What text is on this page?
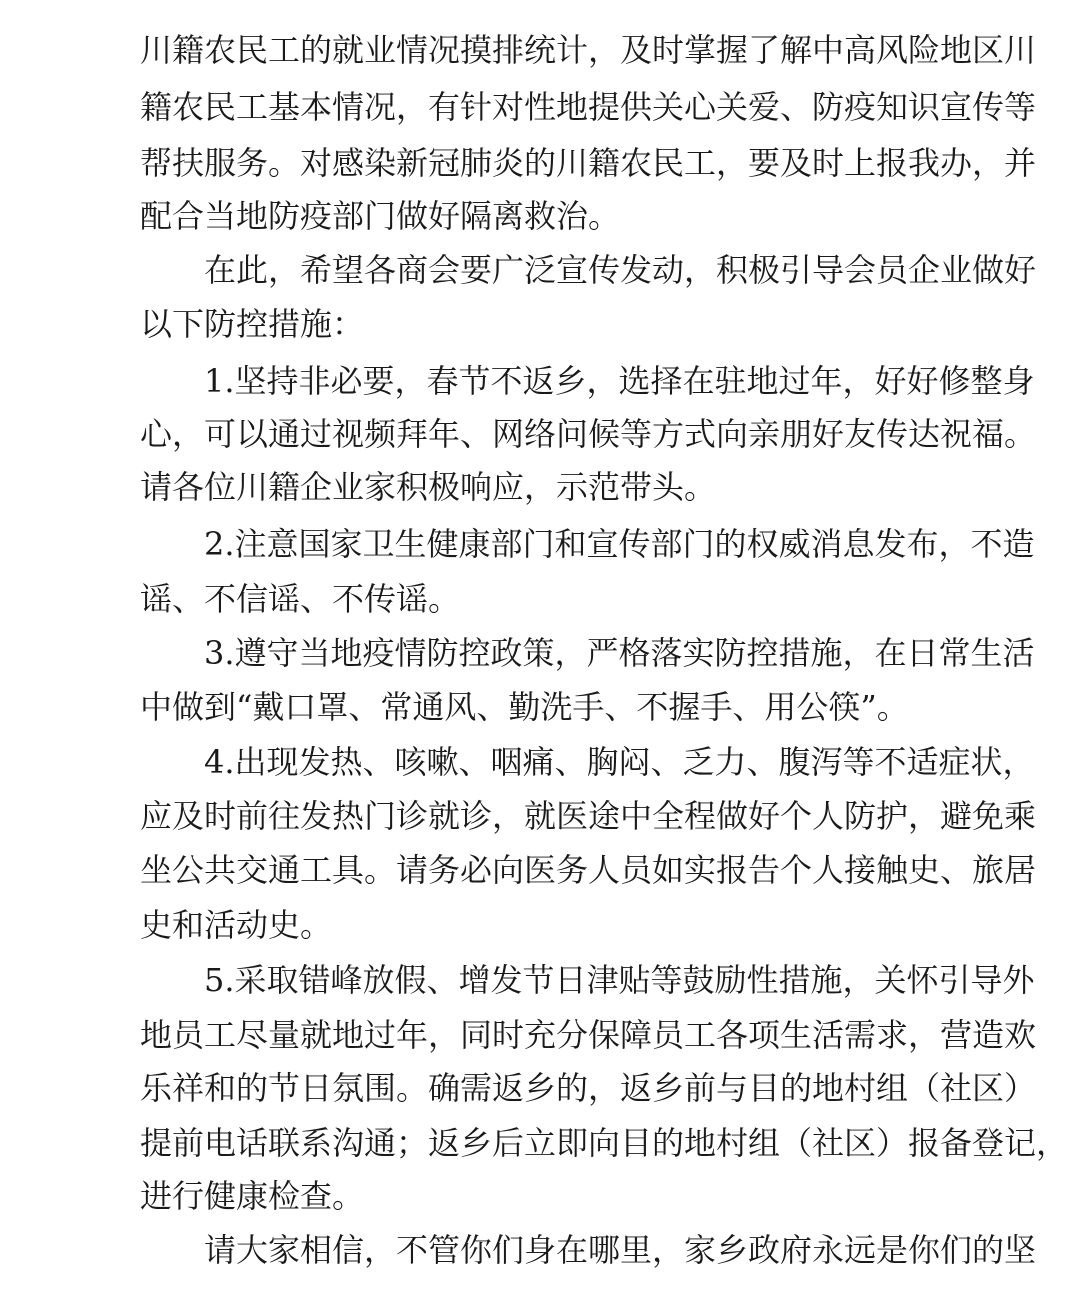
川籍农民工的就业情况摸排统计，及时掌握了解中高风险地区川
籍农民工基本情况，有针对性地提供关心关爱、防疫知识宣传等
帮扶服务。对感染新冠肺炎的川籍农民工，要及时上报我办，并
配合当地防疫部门做好隔离救治。
在此，希望各商会要广泛宣传发动，积极引导会员企业做好
以下防控措施：
1.坚持非必要，春节不返乡，选择在驻地过年，好好修整身
心，可以通过视频拜年、网络问候等方式向亲朋好友传达祝福。
请各位川籍企业家积极响应，示范带头。
2.注意国家卫生健康部门和宣传部门的权威消息发布，不造
谣、不信谣、不传谣。
3.遵守当地疫情防控政策，严格落实防控措施，在日常生活
中做到“戴口罩、常通风、勤洗手、不握手、用公筷”。
4.出现发热、咳嗽、咽痛、胸闷、乏力、腹泻等不适症状，
应及时前往发热门诊就诊，就医途中全程做好个人防护，避免乘
坐公共交通工具。请务必向医务人员如实报告个人接触史、旅居
史和活动史。
5.采取错峰放假、增发节日津贴等鼓励性措施，关怀引导外
地员工尽量就地过年，同时充分保障员工各项生活需求，营造欢
乐祥和的节日氛围。确需返乡的，返乡前与目的地村组（社区）
提前电话联系沟通；返乡后立即向目的地村组（社区）报备登记，
进行健康检查。
请大家相信，不管你们身在哪里，家乡政府永远是你们的坚
